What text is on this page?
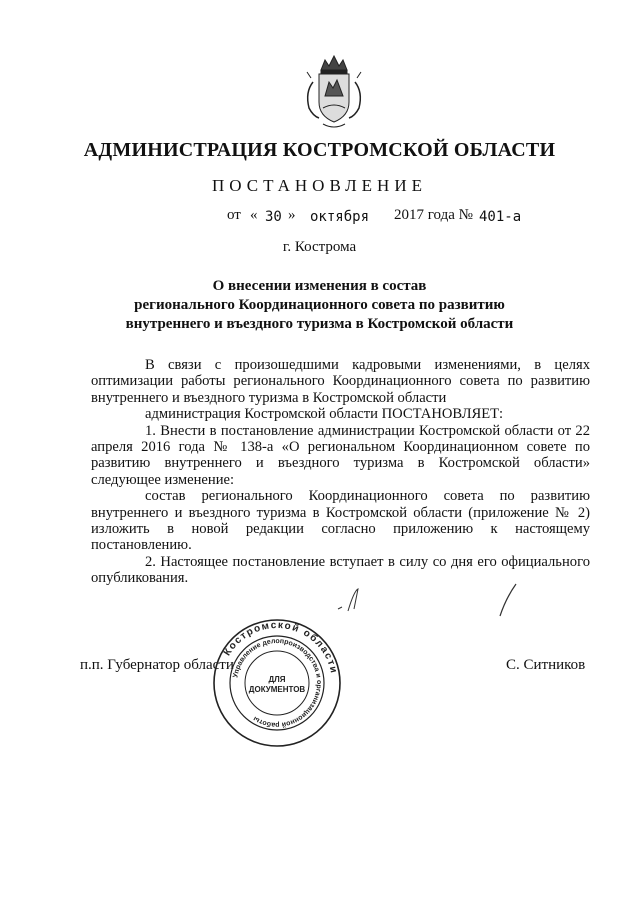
АДМИНИСТРАЦИЯ КОСТРОМСКОЙ ОБЛАСТИ
ПОСТАНОВЛЕНИЕ
от « 30 » октября 2017 года № 401-а
г. Кострома
О внесении изменения в состав
регионального Координационного совета по развитию
внутреннего и въездного туризма в Костромской области

В связи с произошедшими кадровыми изменениями, в целях оптимизации работы регионального Координационного совета по развитию внутреннего и въездного туризма в Костромской области

администрация Костромской области ПОСТАНОВЛЯЕТ:

1. Внести в постановление администрации Костромской области от 22 апреля 2016 года № 138-а «О региональном Координационном совете по развитию внутреннего и въездного туризма в Костромской области» следующее изменение:

состав регионального Координационного совета по развитию внутреннего и въездного туризма в Костромской области (приложение № 2) изложить в новой редакции согласно приложению к настоящему постановлению.

2. Настоящее постановление вступает в силу со дня его официального опубликования.

п.п. Губернатор области	С. Ситников
Костромской области
Управление делопроизводства и организационной работы
ДЛЯ
ДОКУМЕНТОВ
